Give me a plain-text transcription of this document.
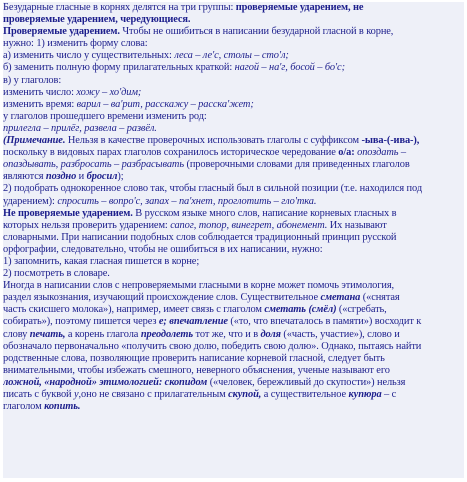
Безударные гласные в корнях делятся на три группы: проверяемые ударением, не
проверяемые ударением, чередующиеся.
Проверяемые ударением. Чтобы не ошибиться в написании безударной гласной в корне,
нужно: 1) изменить форму слова:
а) изменить число у существительных: леса – ле'с, столы – сто'л;
б) заменить полную форму прилагательных краткой: нагой – на'г, босой – бо'с;
в) у глаголов:
изменить число: хожу – хо'дим;
изменить время: варил – ва'рит, расскажу – расска'жет;
у глаголов прошедшего времени изменить род:
прилегла – прилёг, развела – развёл.
(Примечание. Нельзя в качестве проверочных использовать глаголы с суффиксом -ыва-(-ива-),
поскольку в видовых парах глаголов сохранилось историческое чередование о/а: опоздать –
опаздывать, разбросать – разбрасывать (проверочными словами для приведенных глаголов
являются поздно и бросил);
2) подобрать однокоренное слово так, чтобы гласный был в сильной позиции (т.е. находился под
ударением): спросить – вопро'с, запах – па'хнет, проглотить – гло'тка.
Не проверяемые ударением. В русском языке много слов, написание корневых гласных в
которых нельзя проверить ударением: сапог, топор, винегрет, абонемент. Их называют
словарными. При написании подобных слов соблюдается традиционный принцип русской
орфографии, следовательно, чтобы не ошибиться в их написании, нужно:
1) запомнить, какая гласная пишется в корне;
2) посмотреть в словаре.
Иногда в написании слов с непроверяемыми гласными в корне может помочь этимология,
раздел языкознания, изучающий происхождение слов. Существительное сметана («снятая
часть скисшего молока»), например, имеет связь с глаголом сметать (смёл) («сгребать,
собирать»), поэтому пишется через е; впечатление («то, что впечаталось в памяти») восходит к
слову печать, а корень глагола преодолеть тот же, что и в доля («часть, участие»), слово и
обозначало первоначально «получить свою долю, победить свою долю». Однако, пытаясь найти
родственные слова, позволяющие проверить написание корневой гласной, следует быть
внимательными, чтобы избежать смешного, неверного объяснения, ученые называют его
ложной, «народной» этимологией: скопидом («человек, бережливый до скупости») нельзя
писать с буквой у,оно не связано с прилагательным скупой, а существительное купюра – с
глаголом копить.
